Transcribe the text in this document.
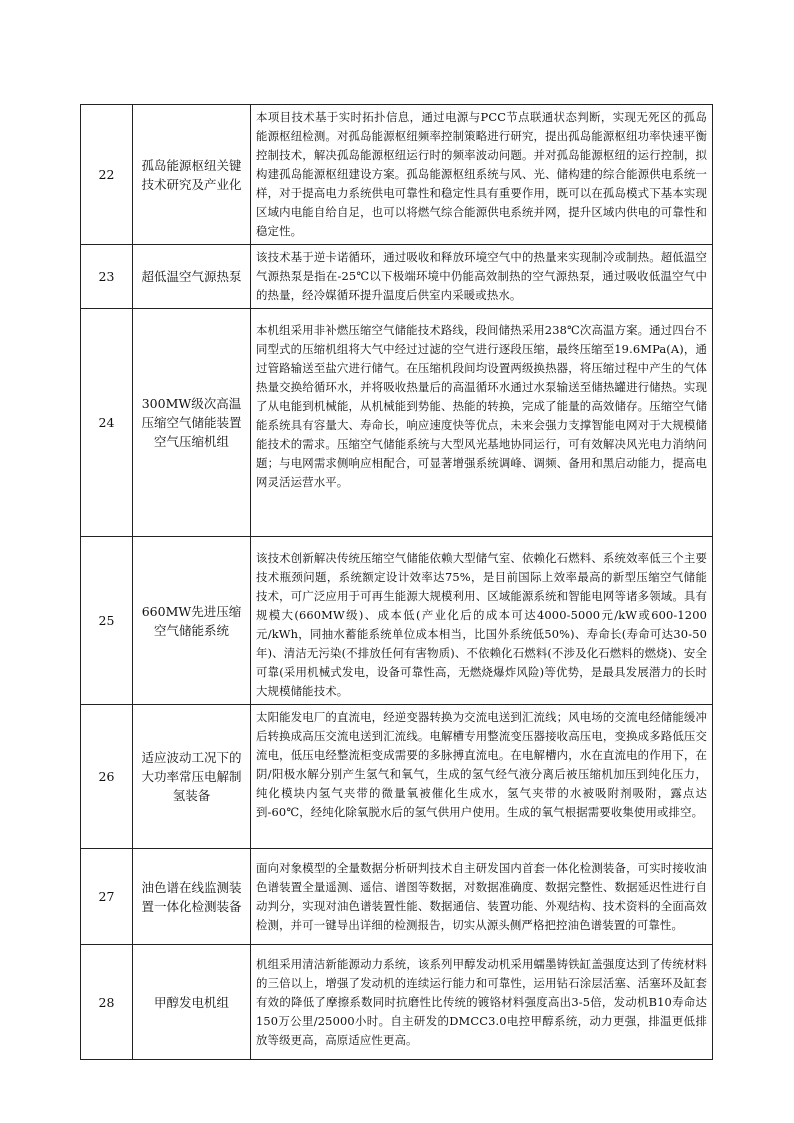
22	孤岛能源枢纽关键技术研究及产业化	本项目技术基于实时拓扑信息，通过电源与PCC节点联通状态判断，实现无死区的孤岛能源枢纽检测。对孤岛能源枢纽频率控制策略进行研究，提出孤岛能源枢纽功率快速平衡控制技术，解决孤岛能源枢纽运行时的频率波动问题。并对孤岛能源枢纽的运行控制，拟构建孤岛能源枢纽建设方案。孤岛能源枢纽系统与风、光、储构建的综合能源供电系统一样，对于提高电力系统供电可靠性和稳定性具有重要作用，既可以在孤岛模式下基本实现区域内电能自给自足，也可以将燃气综合能源供电系统并网，提升区域内供电的可靠性和稳定性。
23	超低温空气源热泵	该技术基于逆卡诺循环，通过吸收和释放环境空气中的热量来实现制冷或制热。超低温空气源热泵是指在-25℃以下极端环境中仍能高效制热的空气源热泵，通过吸收低温空气中的热量，经冷媒循环提升温度后供室内采暖或热水。
24	300MW级次高温压缩空气储能装置空气压缩机组	本机组采用非补燃压缩空气储能技术路线，段间储热采用238℃次高温方案。通过四台不同型式的压缩机组将大气中经过过滤的空气进行逐段压缩，最终压缩至19.6MPa(A)，通过管路输送至盐穴进行储气。在压缩机段间均设置两级换热器，将压缩过程中产生的气体热量交换给循环水，并将吸收热量后的高温循环水通过水泵输送至储热罐进行储热。实现了从电能到机械能，从机械能到势能、热能的转换，完成了能量的高效储存。压缩空气储能系统具有容量大、寿命长，响应速度快等优点，未来会强力支撑智能电网对于大规模储能技术的需求。压缩空气储能系统与大型风光基地协同运行，可有效解决风光电力消纳问题；与电网需求侧响应相配合，可显著增强系统调峰、调频、备用和黑启动能力，提高电网灵活运营水平。
25	660MW先进压缩空气储能系统	该技术创新解决传统压缩空气储能依赖大型储气室、依赖化石燃料、系统效率低三个主要技术瓶颈问题，系统额定设计效率达75%，是目前国际上效率最高的新型压缩空气储能技术，可广泛应用于可再生能源大规模利用、区域能源系统和智能电网等诸多领域。具有规模大(660MW级)、成本低(产业化后的成本可达4000-5000元/kW或600-1200元/kWh，同抽水蓄能系统单位成本相当，比国外系统低50%)、寿命长(寿命可达30-50年)、清洁无污染(不排放任何有害物质)、不依赖化石燃料(不涉及化石燃料的燃烧)、安全可靠(采用机械式发电，设备可靠性高，无燃烧爆炸风险)等优势，是最具发展潜力的长时大规模储能技术。
26	适应波动工况下的大功率常压电解制氢装备	太阳能发电厂的直流电，经逆变器转换为交流电送到汇流线；风电场的交流电经储能缓冲后转换成高压交流电送到汇流线。电解槽专用整流变压器接收高压电，变换成多路低压交流电，低压电经整流柜变成需要的多脉搏直流电。在电解槽内，水在直流电的作用下，在阴/阳极水解分别产生氢气和氧气，生成的氢气经气液分离后被压缩机加压到纯化压力，纯化模块内氢气夹带的微量氧被催化生成水，氢气夹带的水被吸附剂吸附，露点达到-60℃，经纯化除氧脱水后的氢气供用户使用。生成的氧气根据需要收集使用或排空。
27	油色谱在线监测装置一体化检测装备	面向对象模型的全量数据分析研判技术自主研发国内首套一体化检测装备，可实时接收油色谱装置全量遥测、遥信、谱图等数据，对数据准确度、数据完整性、数据延迟性进行自动判分，实现对油色谱装置性能、数据通信、装置功能、外观结构、技术资料的全面高效检测，并可一键导出详细的检测报告，切实从源头侧严格把控油色谱装置的可靠性。
28	甲醇发电机组	机组采用清洁新能源动力系统，该系列甲醇发动机采用蠕墨铸铁缸盖强度达到了传统材料的三倍以上，增强了发动机的连续运行能力和可靠性，运用钻石涂层活塞、活塞环及缸套有效的降低了摩擦系数同时抗磨性比传统的镀铬材料强度高出3-5倍，发动机B10寿命达150万公里/25000小时。自主研发的DMCC3.0电控甲醇系统，动力更强，排温更低排放等级更高，高原适应性更高。
